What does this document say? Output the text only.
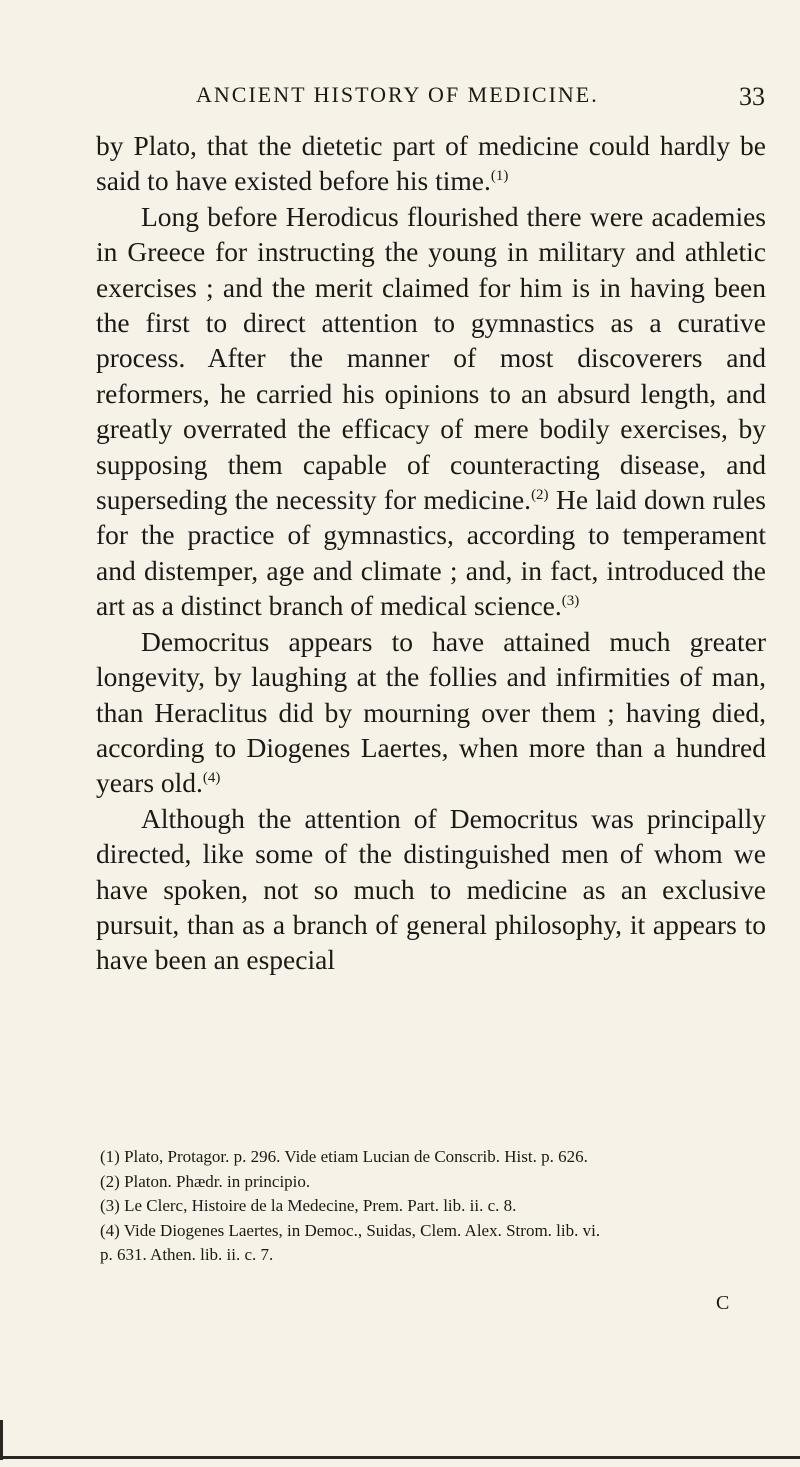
ANCIENT HISTORY OF MEDICINE.	33

by Plato, that the dietetic part of medicine could hardly be said to have existed before his time.$^{(1)}$

Long before Herodicus flourished there were academies in Greece for instructing the young in military and athletic exercises ; and the merit claimed for him is in having been the first to direct attention to gymnastics as a curative process. After the manner of most discoverers and reformers, he carried his opinions to an absurd length, and greatly overrated the efficacy of mere bodily exercises, by supposing them capable of counteracting disease, and superseding the necessity for medicine.$^{(2)}$ He laid down rules for the practice of gymnastics, according to temperament and distemper, age and climate ; and, in fact, introduced the art as a distinct branch of medical science.$^{(3)}$

Democritus appears to have attained much greater longevity, by laughing at the follies and infirmities of man, than Heraclitus did by mourning over them ; having died, according to Diogenes Laertes, when more than a hundred years old.$^{(4)}$

Although the attention of Democritus was principally directed, like some of the distinguished men of whom we have spoken, not so much to medicine as an exclusive pursuit, than as a branch of general philosophy, it appears to have been an especial

(1) Plato, Protagor. p. 296. Vide etiam Lucian de Conscrib. Hist. p. 626.
(2) Platon. Phædr. in principio.
(3) Le Clerc, Histoire de la Medecine, Prem. Part. lib. ii. c. 8.
(4) Vide Diogenes Laertes, in Democ., Suidas, Clem. Alex. Strom. lib. vi.
p. 631. Athen. lib. ii. c. 7.
C
